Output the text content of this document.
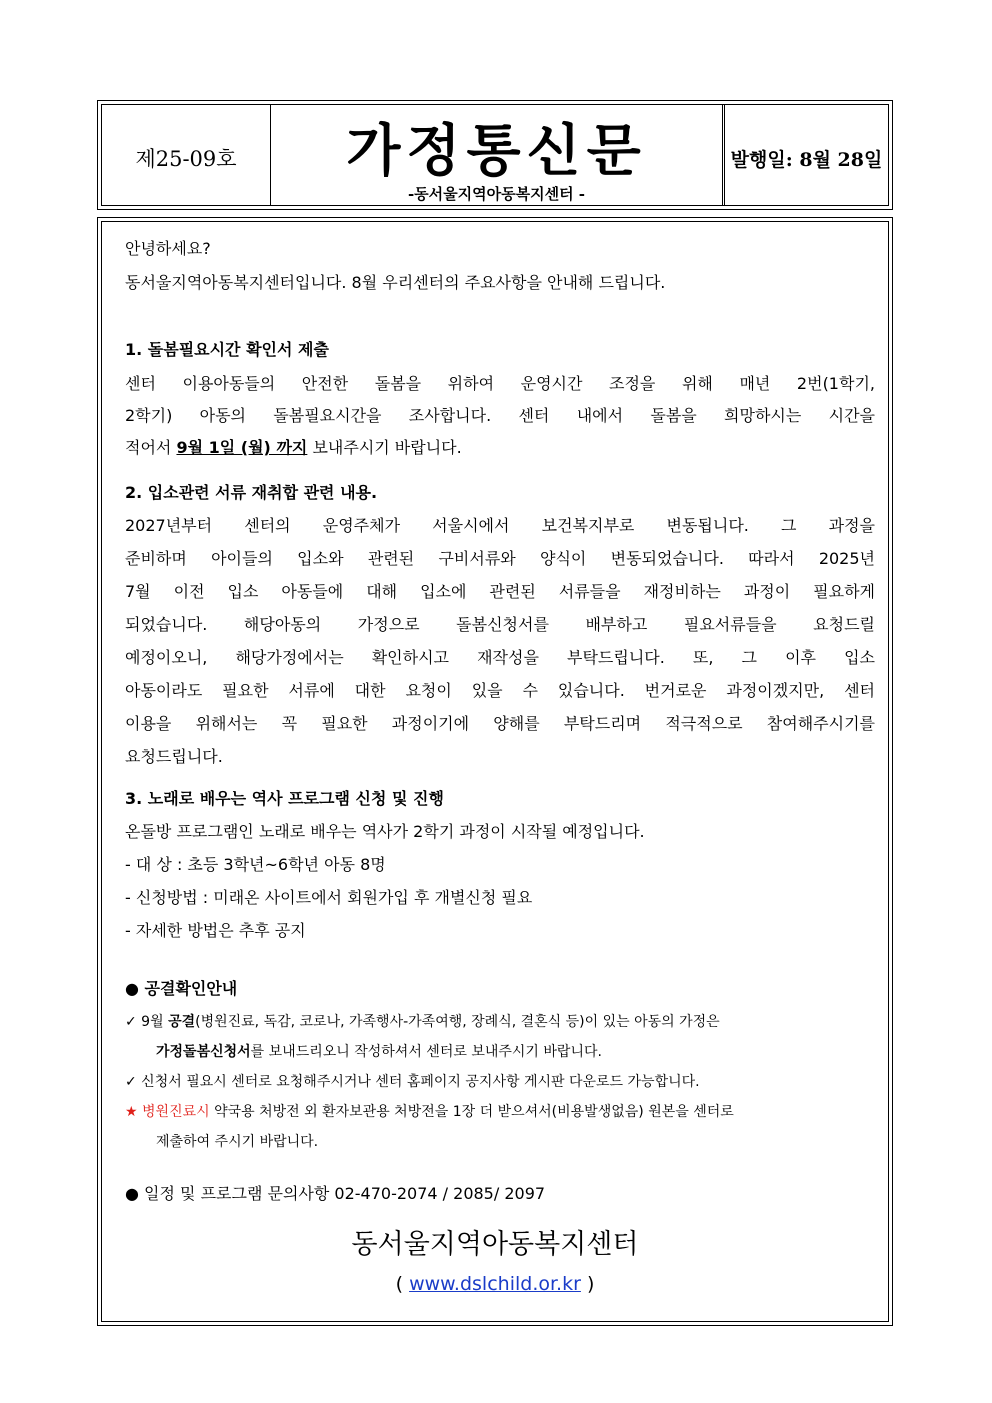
제25-09호	가정통신문
-동서울지역아동복지센터 -
발행일: 8월 28일
안녕하세요?
동서울지역아동복지센터입니다. 8월 우리센터의 주요사항을 안내해 드립니다.
1. 돌봄필요시간 확인서 제출
센터 이용아동들의 안전한 돌봄을 위하여 운영시간 조정을 위해 매년 2번(1학기,
2학기) 아동의 돌봄필요시간을 조사합니다. 센터 내에서 돌봄을 희망하시는 시간을
적어서 9월 1일 (월) 까지 보내주시기 바랍니다.
2. 입소관련 서류 재취합 관련 내용.
2027년부터 센터의 운영주체가 서울시에서 보건복지부로 변동됩니다. 그 과정을
준비하며 아이들의 입소와 관련된 구비서류와 양식이 변동되었습니다. 따라서 2025년
7월 이전 입소 아동들에 대해 입소에 관련된 서류들을 재정비하는 과정이 필요하게
되었습니다. 해당아동의 가정으로 돌봄신청서를 배부하고 필요서류들을 요청드릴
예정이오니, 해당가정에서는 확인하시고 재작성을 부탁드립니다. 또, 그 이후 입소
아동이라도 필요한 서류에 대한 요청이 있을 수 있습니다. 번거로운 과정이겠지만, 센터
이용을 위해서는 꼭 필요한 과정이기에 양해를 부탁드리며 적극적으로 참여해주시기를
요청드립니다.
3. 노래로 배우는 역사 프로그램 신청 및 진행
온돌방 프로그램인 노래로 배우는 역사가 2학기 과정이 시작될 예정입니다.
- 대 상 : 초등 3학년~6학년 아동 8명
- 신청방법 : 미래온 사이트에서 회원가입 후 개별신청 필요
- 자세한 방법은 추후 공지
● 공결확인안내
✓ 9월 공결(병원진료, 독감, 코로나, 가족행사-가족여행, 장례식, 결혼식 등)이 있는 아동의 가정은
가정돌봄신청서를 보내드리오니 작성하셔서 센터로 보내주시기 바랍니다.
✓ 신청서 필요시 센터로 요청해주시거나 센터 홈페이지 공지사항 게시판 다운로드 가능합니다.
★ 병원진료시 약국용 처방전 외 환자보관용 처방전을 1장 더 받으셔서(비용발생없음) 원본을 센터로
제출하여 주시기 바랍니다.
● 일정 및 프로그램 문의사항 02-470-2074 / 2085/ 2097
동서울지역아동복지센터
( www.dslchild.or.kr )
